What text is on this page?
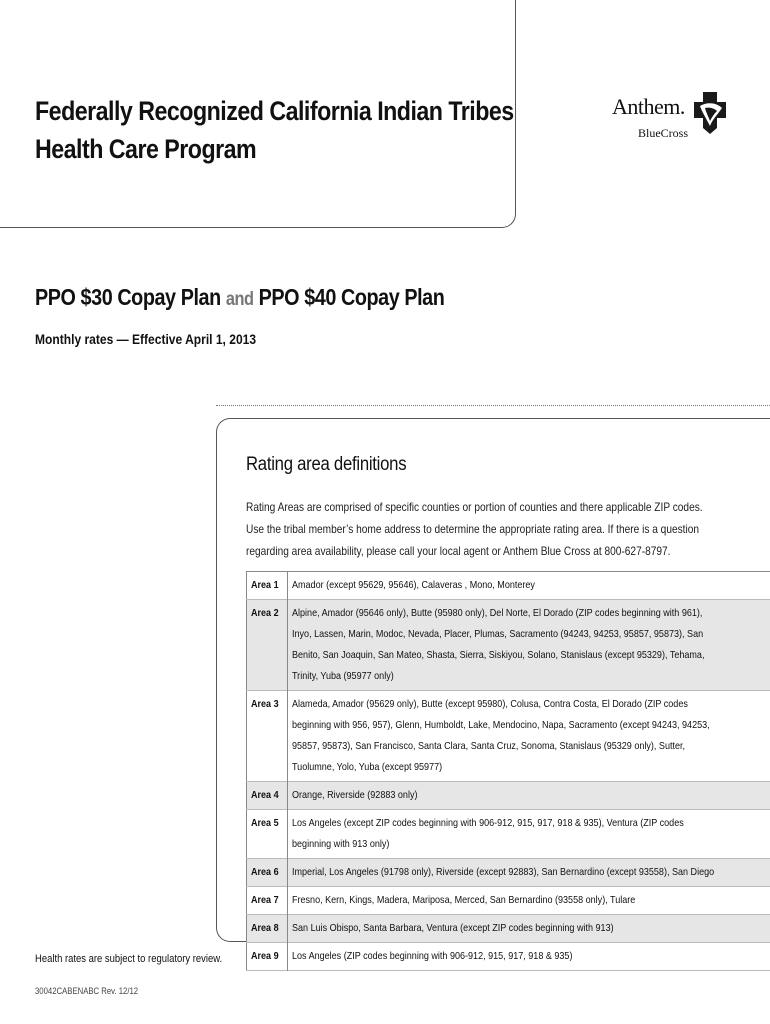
Federally Recognized California Indian Tribes
Health Care Program
Anthem.
BlueCross
PPO $30 Copay Plan and PPO $40 Copay Plan
Monthly rates — Effective April 1, 2013
Rating area definitions
Rating Areas are comprised of specific counties or portion of counties and there applicable ZIP codes. Use the tribal member’s home address to determine the appropriate rating area. If there is a question regarding area availability, please call your local agent or Anthem Blue Cross at 800-627-8797.
Area 1	Amador (except 95629, 95646), Calaveras , Mono, Monterey
Area 2	Alpine, Amador (95646 only), Butte (95980 only), Del Norte, El Dorado (ZIP codes beginning with 961), Inyo, Lassen, Marin, Modoc, Nevada, Placer, Plumas, Sacramento (94243, 94253, 95857, 95873), San Benito, San Joaquin, San Mateo, Shasta, Sierra, Siskiyou, Solano, Stanislaus (except 95329), Tehama, Trinity, Yuba (95977 only)
Area 3	Alameda, Amador (95629 only), Butte (except 95980), Colusa, Contra Costa, El Dorado (ZIP codes beginning with 956, 957), Glenn, Humboldt, Lake, Mendocino, Napa, Sacramento (except 94243, 94253, 95857, 95873), San Francisco, Santa Clara, Santa Cruz, Sonoma, Stanislaus (95329 only), Sutter, Tuolumne, Yolo, Yuba (except 95977)
Area 4	Orange, Riverside (92883 only)
Area 5	Los Angeles (except ZIP codes beginning with 906-912, 915, 917, 918 & 935), Ventura (ZIP codes beginning with 913 only)
Area 6	Imperial, Los Angeles (91798 only), Riverside (except 92883), San Bernardino (except 93558), San Diego
Area 7	Fresno, Kern, Kings, Madera, Mariposa, Merced, San Bernardino (93558 only), Tulare
Area 8	San Luis Obispo, Santa Barbara, Ventura (except ZIP codes beginning with 913)
Area 9	Los Angeles (ZIP codes beginning with 906-912, 915, 917, 918 & 935)
Health rates are subject to regulatory review.
30042CABENABC Rev. 12/12
